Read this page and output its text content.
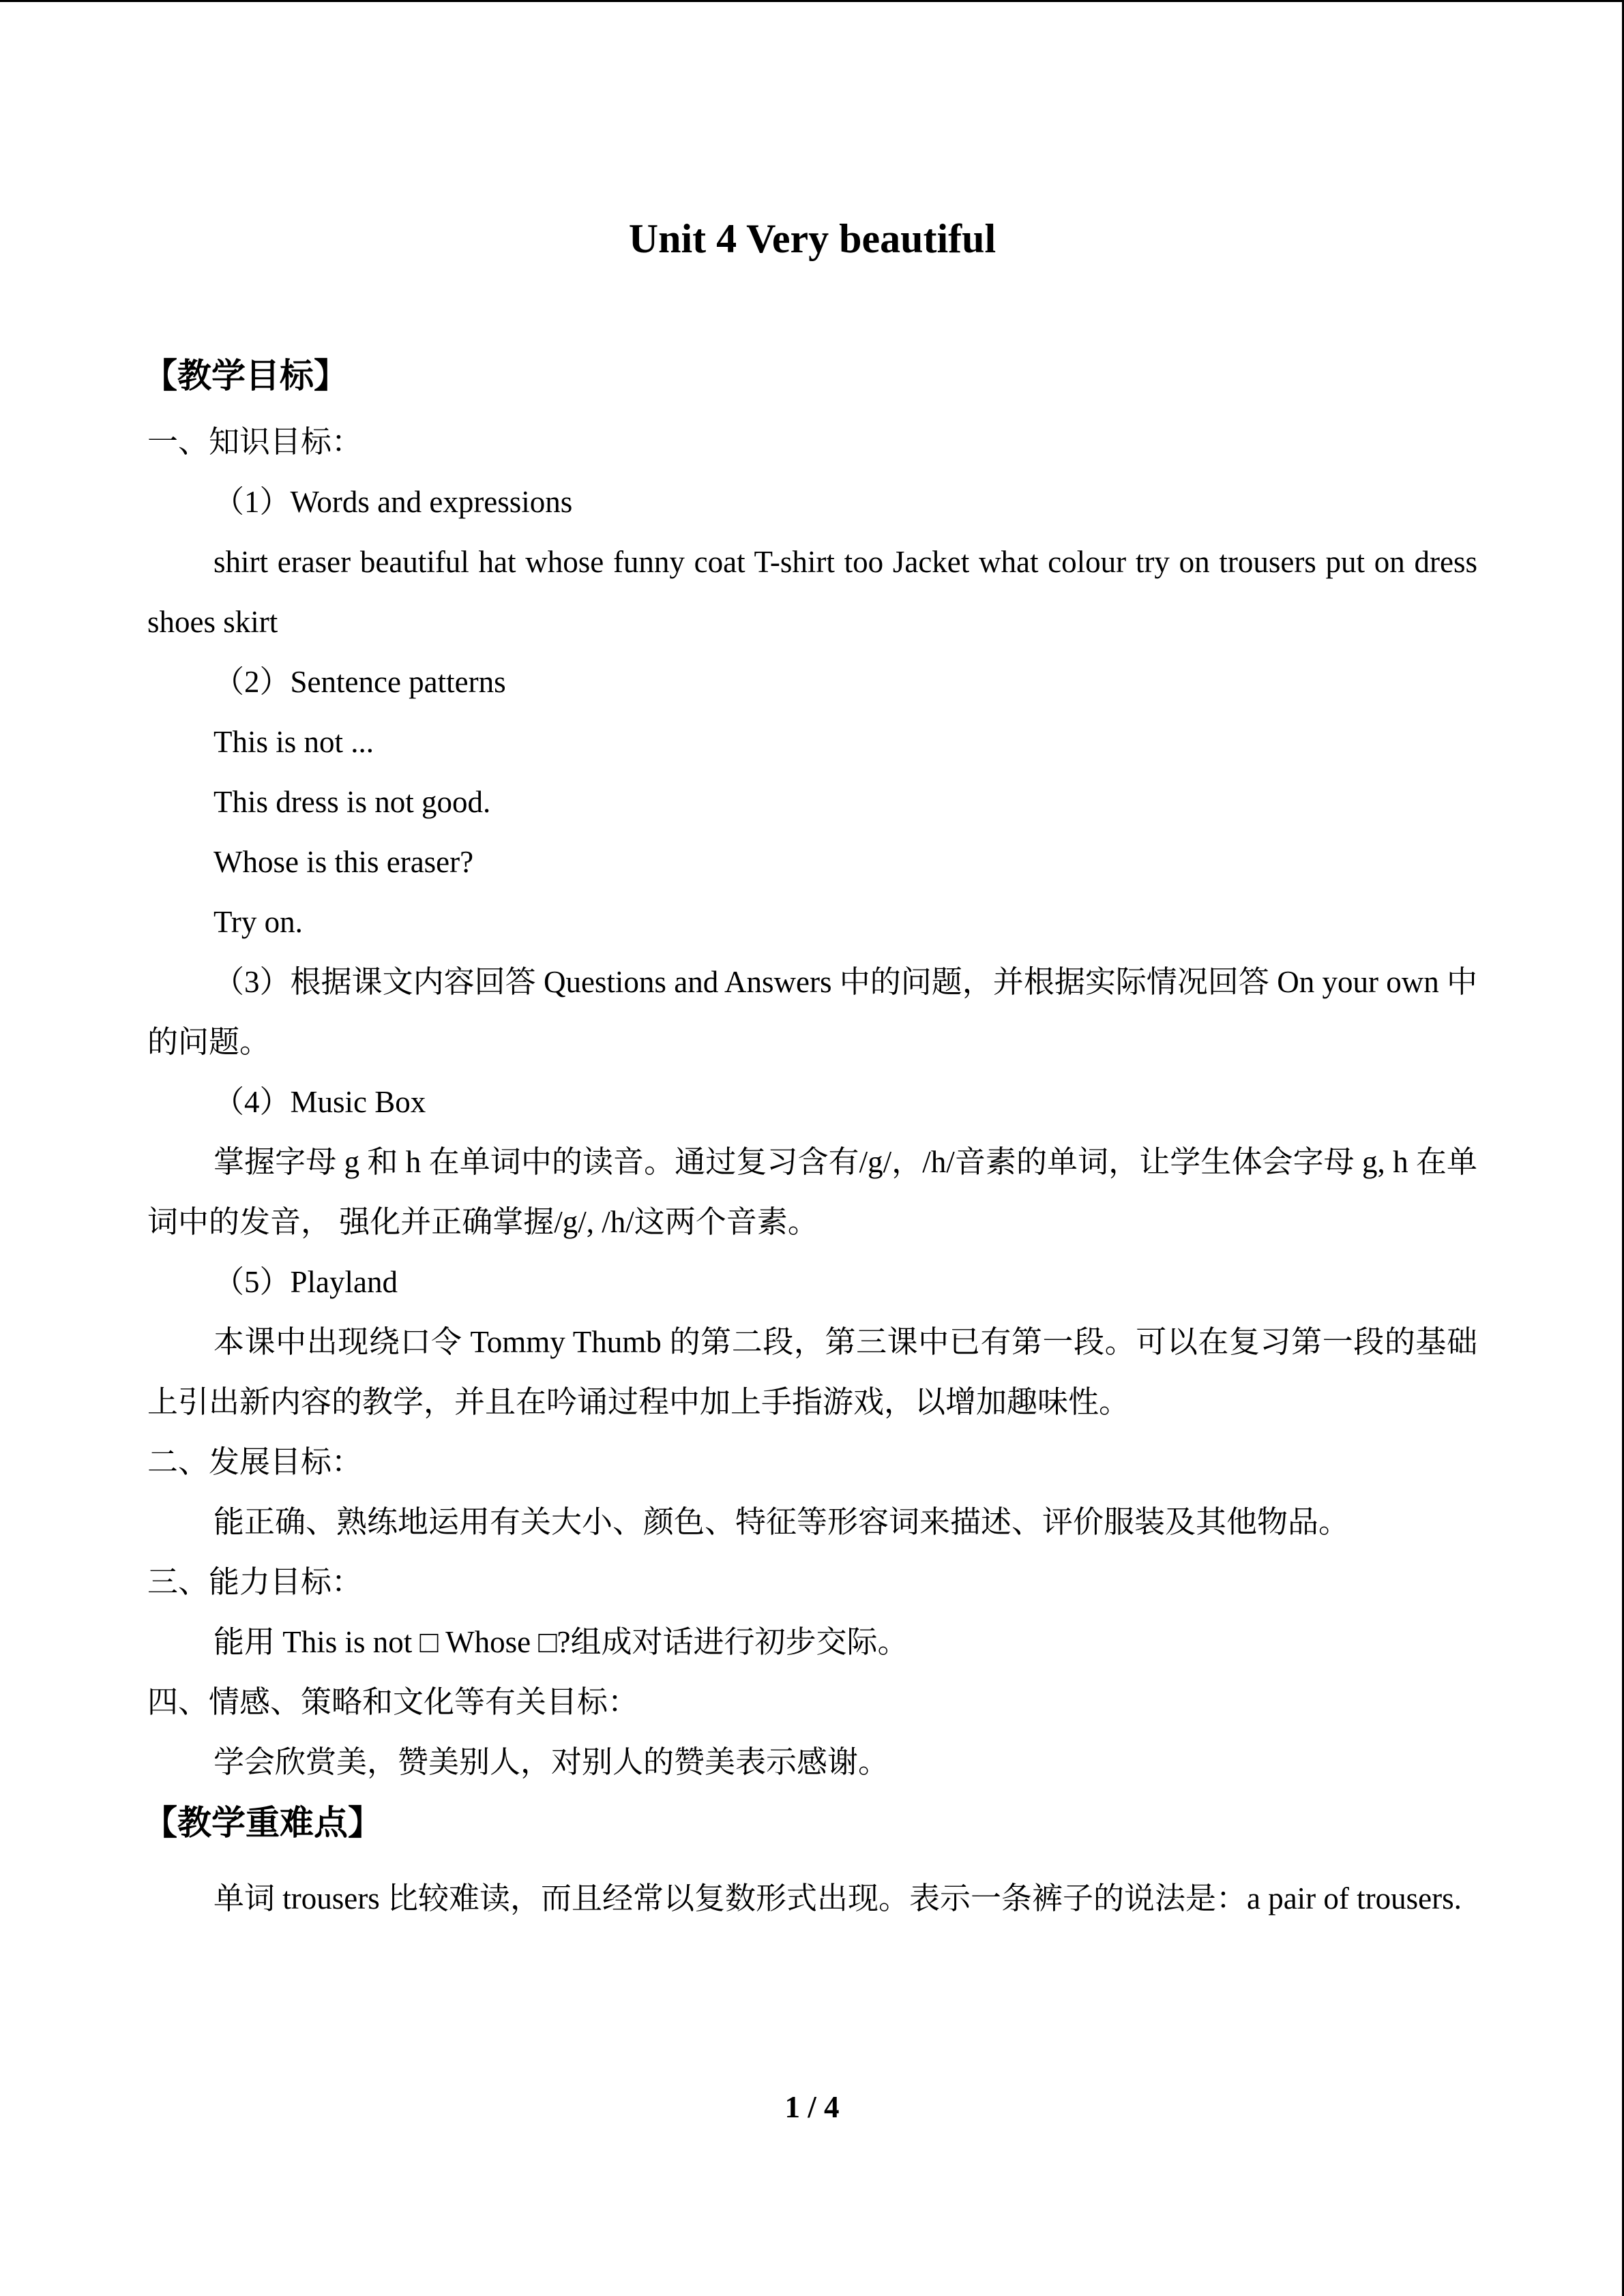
Unit 4 Very beautiful
【教学目标】

一、知识目标：

（1）Words and expressions

shirt eraser beautiful hat whose funny coat T-shirt too Jacket what colour try on trousers put on dress shoes skirt

（2）Sentence patterns

This is not ...

This dress is not good.

Whose is this eraser?

Try on.

（3）根据课文内容回答 Questions and Answers 中的问题，并根据实际情况回答 On your own 中的问题。

（4）Music Box

掌握字母 g 和 h 在单词中的读音。通过复习含有/g/，/h/音素的单词，让学生体会字母 g, h 在单词中的发音， 强化并正确掌握/g/, /h/这两个音素。

（5）Playland

本课中出现绕口令 Tommy Thumb 的第二段，第三课中已有第一段。可以在复习第一段的基础上引出新内容的教学，并且在吟诵过程中加上手指游戏，以增加趣味性。

二、发展目标：

能正确、熟练地运用有关大小、颜色、特征等形容词来描述、评价服装及其他物品。

三、能力目标：

能用 This is not □ Whose □?组成对话进行初步交际。

四、情感、策略和文化等有关目标：

学会欣赏美，赞美别人，对别人的赞美表示感谢。

【教学重难点】

单词 trousers 比较难读，而且经常以复数形式出现。表示一条裤子的说法是：a pair of trousers.

1 / 4
